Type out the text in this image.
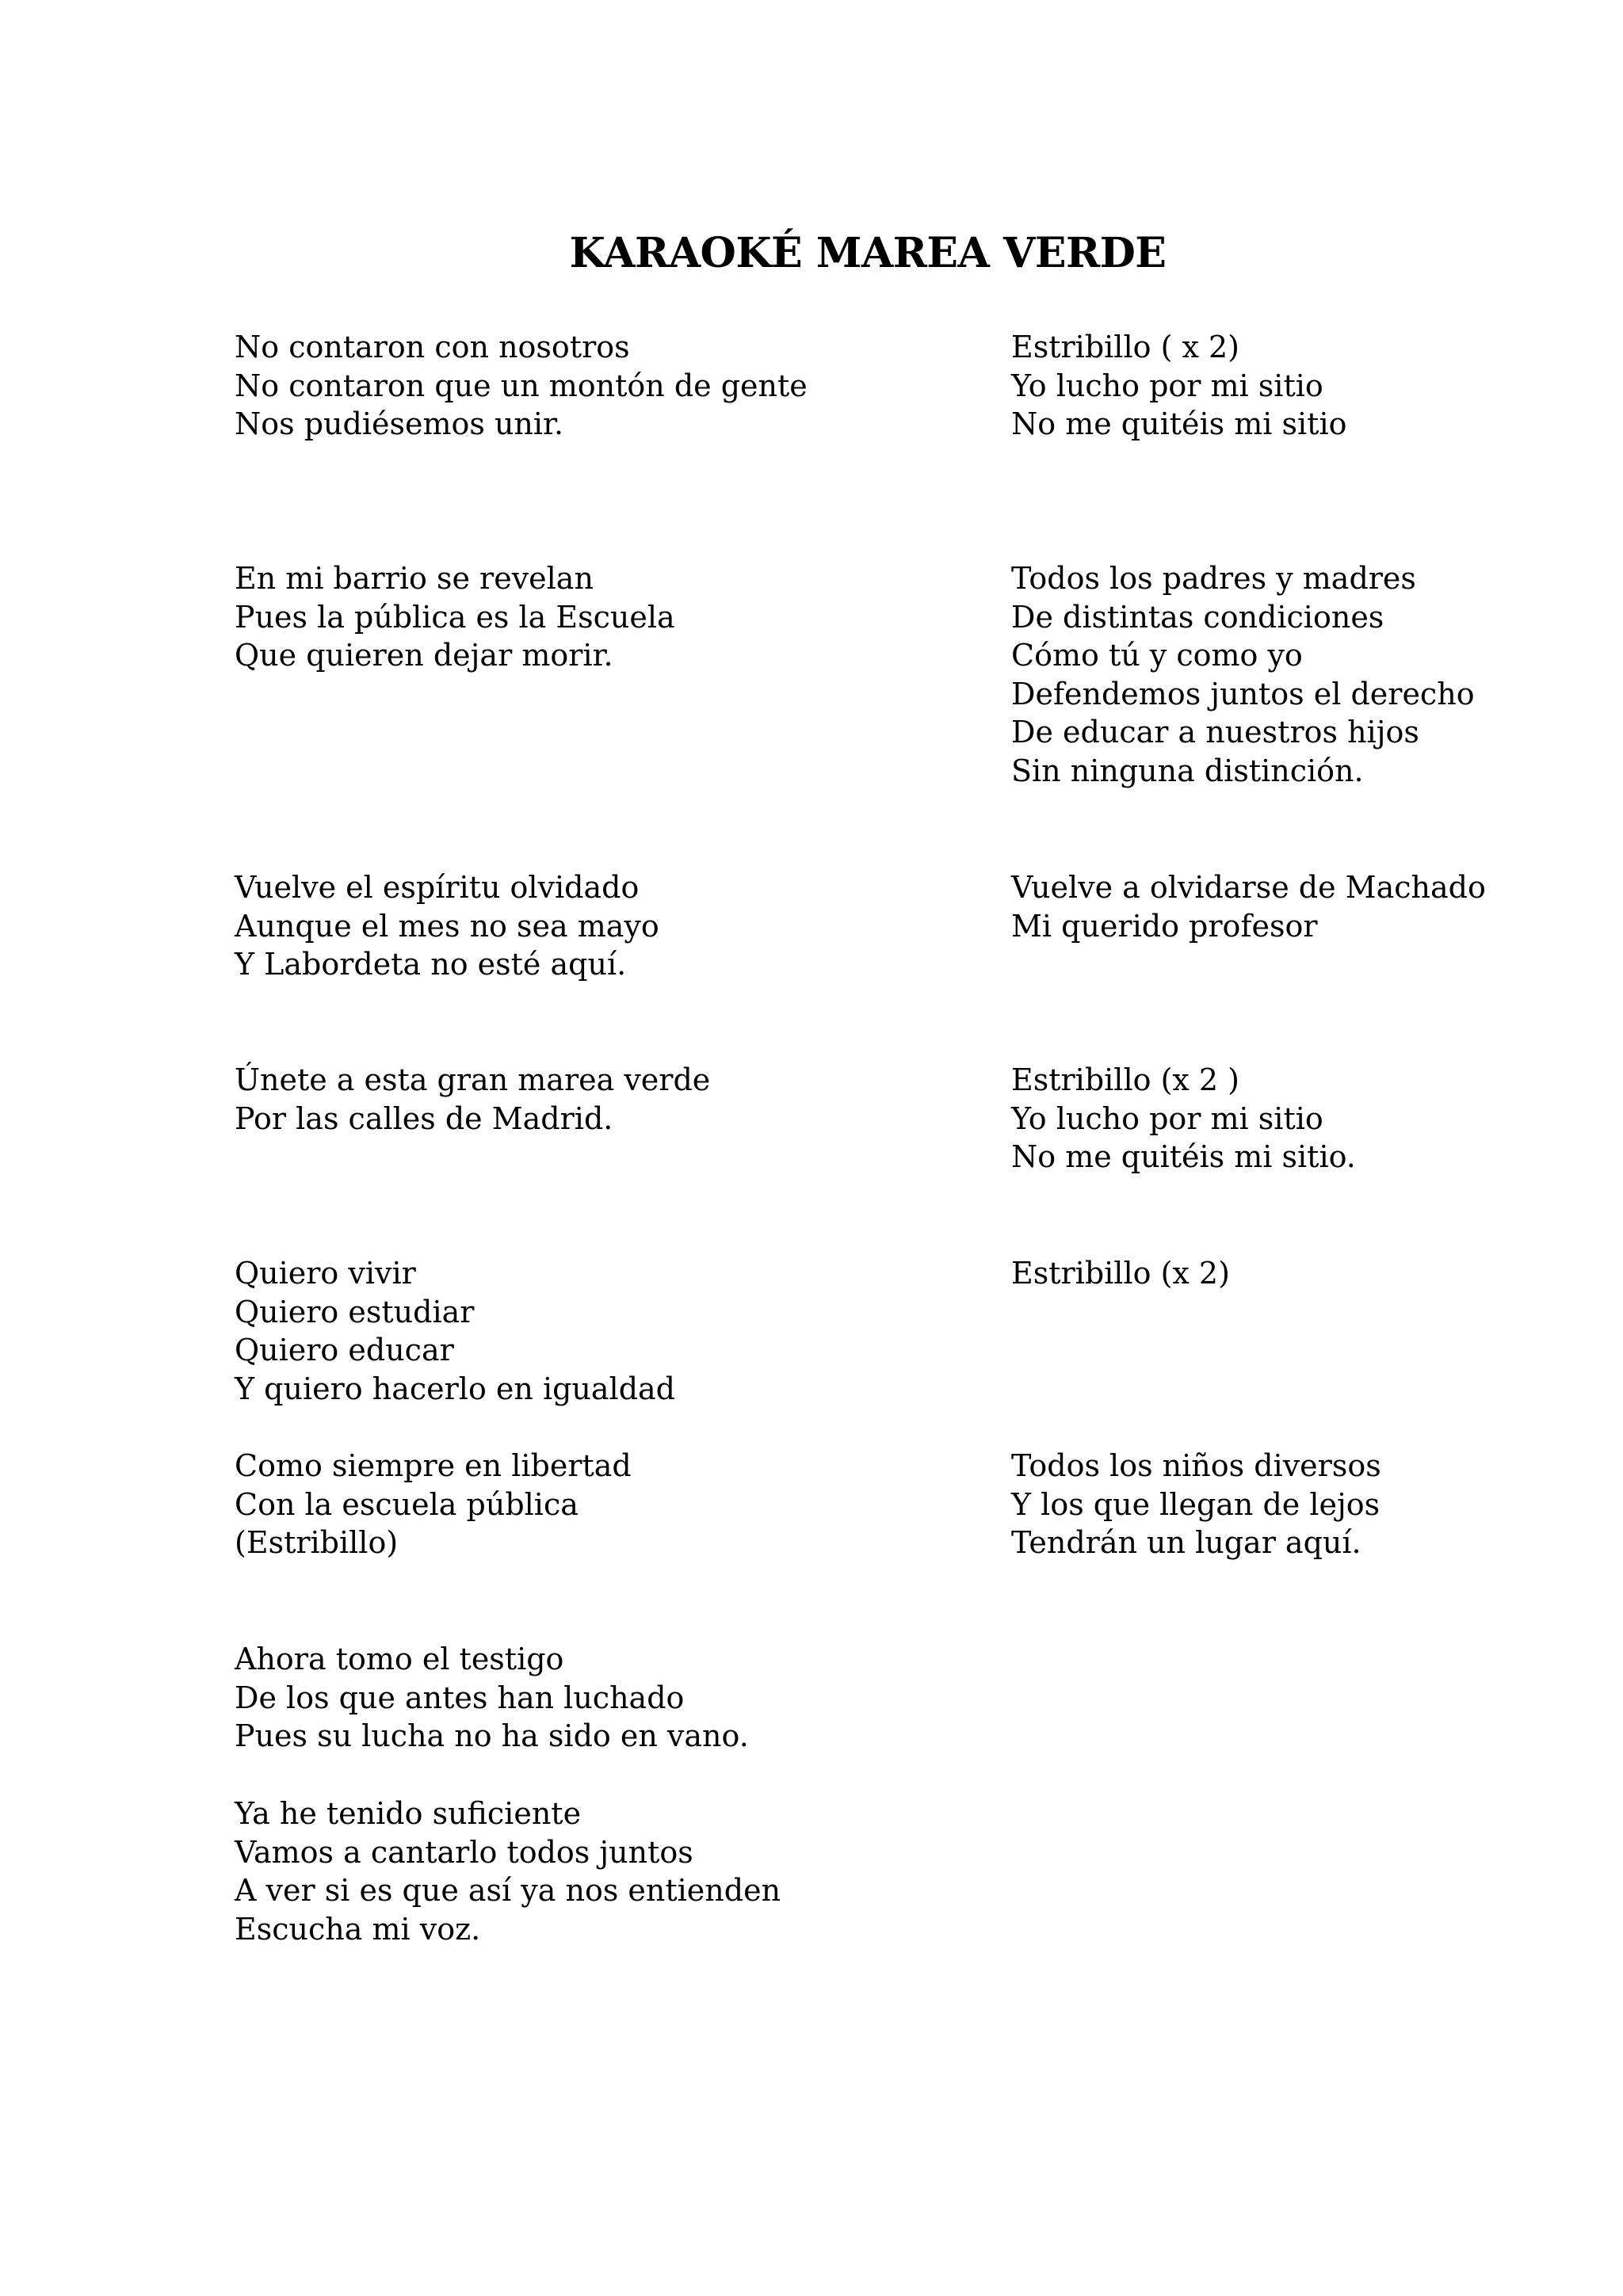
KARAOKÉ MAREA VERDE
No contaron con nosotros
No contaron que un montón de gente
Nos pudiésemos unir.
En mi barrio se revelan
Pues la pública es la Escuela
Que quieren dejar morir.
Vuelve el espíritu olvidado
Aunque el mes no sea mayo
Y Labordeta no esté aquí.
Únete a esta gran marea verde
Por las calles de Madrid.
Quiero vivir
Quiero estudiar
Quiero educar
Y quiero hacerlo en igualdad
Como siempre en libertad
Con la escuela pública
(Estribillo)
Ahora tomo el testigo
De los que antes han luchado
Pues su lucha no ha sido en vano.
Ya he tenido suficiente
Vamos a cantarlo todos juntos
A ver si es que así ya nos entienden
Escucha mi voz.
Estribillo ( x 2)
Yo lucho por mi sitio
No me quitéis mi sitio
Todos los padres y madres
De distintas condiciones
Cómo tú y como yo
Defendemos juntos el derecho
De educar a nuestros hijos
Sin ninguna distinción.
Vuelve a olvidarse de Machado
Mi querido profesor
Estribillo (x 2 )
Yo lucho por mi sitio
No me quitéis mi sitio.
Estribillo (x 2)
Todos los niños diversos
Y los que llegan de lejos
Tendrán un lugar aquí.
